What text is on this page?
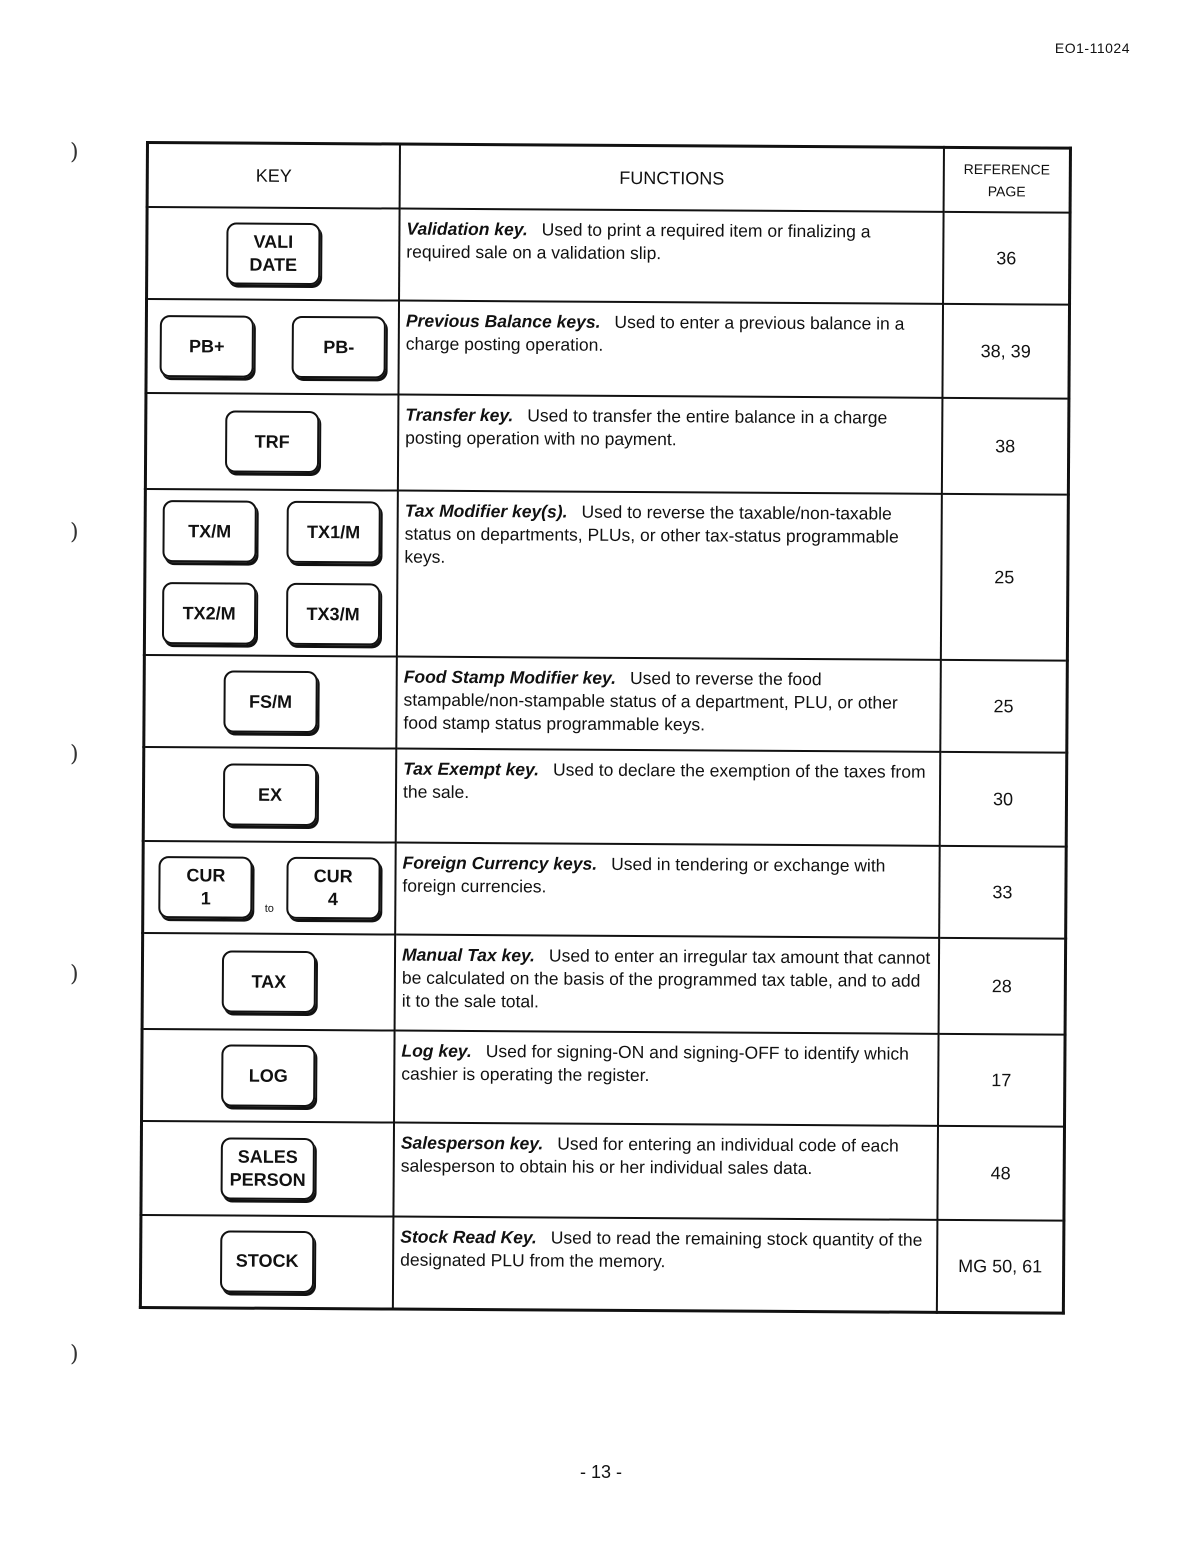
EO1-11024
)
)
)
)
)
KEY	FUNCTIONS	REFERENCE PAGE

VALI
DATE	Validation key. Used to print a required item or finalizing a required sale on a validation slip.	36

PB+ PB-	Previous Balance keys. Used to enter a previous balance in a charge posting operation.	38, 39

TRF	Transfer key. Used to transfer the entire balance in a charge posting operation with no payment.	38

TX/M TX1/M
TX2/M TX3/M	Tax Modifier key(s). Used to reverse the taxable/non-taxable status on departments, PLUs, or other tax-status programmable keys.	25

FS/M	Food Stamp Modifier key. Used to reverse the food stampable/non-stampable status of a department, PLU, or other food stamp status programmable keys.	25

EX	Tax Exempt key. Used to declare the exemption of the taxes from the sale.	30

CUR
1
to
CUR
4	Foreign Currency keys. Used in tendering or exchange with foreign currencies.	33

TAX	Manual Tax key. Used to enter an irregular tax amount that cannot be calculated on the basis of the programmed tax table, and to add it to the sale total.	28

LOG	Log key. Used for signing-ON and signing-OFF to identify which cashier is operating the register.	17

SALES
PERSON	Salesperson key. Used for entering an individual code of each salesperson to obtain his or her individual sales data.	48

STOCK	Stock Read Key. Used to read the remaining stock quantity of the designated PLU from the memory.	MG 50, 61
- 13 -
